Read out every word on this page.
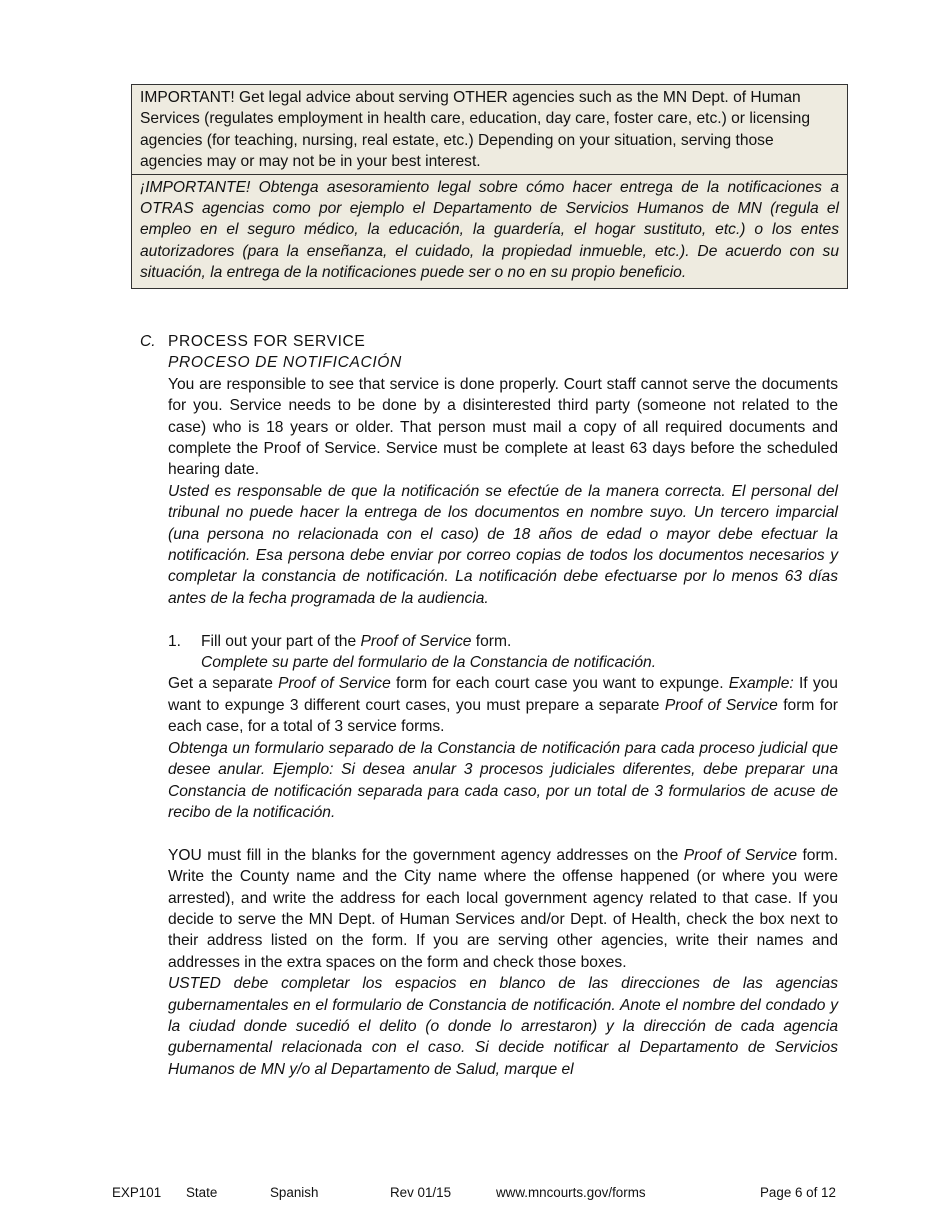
IMPORTANT! Get legal advice about serving OTHER agencies such as the MN Dept. of Human Services (regulates employment in health care, education, day care, foster care, etc.) or licensing agencies (for teaching, nursing, real estate, etc.) Depending on your situation, serving those agencies may or may not be in your best interest.
¡IMPORTANTE! Obtenga asesoramiento legal sobre cómo hacer entrega de la notificaciones a OTRAS agencias como por ejemplo el Departamento de Servicios Humanos de MN (regula el empleo en el seguro médico, la educación, la guardería, el hogar sustituto, etc.) o los entes autorizadores (para la enseñanza, el cuidado, la propiedad inmueble, etc.). De acuerdo con su situación, la entrega de la notificaciones puede ser o no en su propio beneficio.
C. PROCESS FOR SERVICE
PROCESO DE NOTIFICACIÓN
You are responsible to see that service is done properly. Court staff cannot serve the documents for you. Service needs to be done by a disinterested third party (someone not related to the case) who is 18 years or older. That person must mail a copy of all required documents and complete the Proof of Service. Service must be complete at least 63 days before the scheduled hearing date.
Usted es responsable de que la notificación se efectúe de la manera correcta. El personal del tribunal no puede hacer la entrega de los documentos en nombre suyo. Un tercero imparcial (una persona no relacionada con el caso) de 18 años de edad o mayor debe efectuar la notificación. Esa persona debe enviar por correo copias de todos los documentos necesarios y completar la constancia de notificación. La notificación debe efectuarse por lo menos 63 días antes de la fecha programada de la audiencia.
1.	Fill out your part of the Proof of Service form.
Complete su parte del formulario de la Constancia de notificación.
Get a separate Proof of Service form for each court case you want to expunge. Example: If you want to expunge 3 different court cases, you must prepare a separate Proof of Service form for each case, for a total of 3 service forms.
Obtenga un formulario separado de la Constancia de notificación para cada proceso judicial que desee anular. Ejemplo: Si desea anular 3 procesos judiciales diferentes, debe preparar una Constancia de notificación separada para cada caso, por un total de 3 formularios de acuse de recibo de la notificación.
YOU must fill in the blanks for the government agency addresses on the Proof of Service form. Write the County name and the City name where the offense happened (or where you were arrested), and write the address for each local government agency related to that case. If you decide to serve the MN Dept. of Human Services and/or Dept. of Health, check the box next to their address listed on the form. If you are serving other agencies, write their names and addresses in the extra spaces on the form and check those boxes.
USTED debe completar los espacios en blanco de las direcciones de las agencias gubernamentales en el formulario de Constancia de notificación. Anote el nombre del condado y la ciudad donde sucedió el delito (o donde lo arrestaron) y la dirección de cada agencia gubernamental relacionada con el caso. Si decide notificar al Departamento de Servicios Humanos de MN y/o al Departamento de Salud, marque el
EXP101 State	Spanish	Rev 01/15	www.mncourts.gov/forms	Page 6 of 12
